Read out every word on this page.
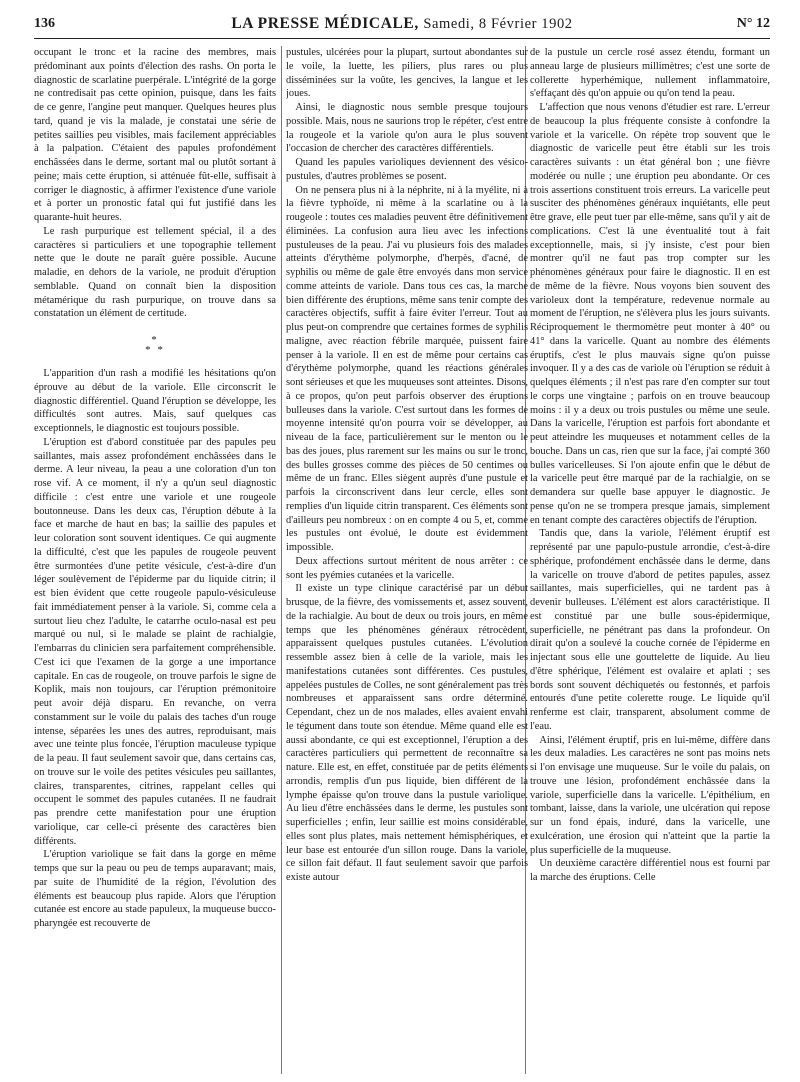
136	LA PRESSE MÉDICALE, Samedi, 8 Février 1902	N° 12

occupant le tronc et la racine des membres, mais prédominant aux points d'élection des rashs. On porta le diagnostic de scarlatine puerpérale. L'intégrité de la gorge ne contredisait pas cette opinion, puisque, dans les faits de ce genre, l'angine peut manquer. Quelques heures plus tard, quand je vis la malade, je constatai une série de petites saillies peu visibles, mais facilement appréciables à la palpation. C'étaient des papules profondément enchâssées dans le derme, sortant mal ou plutôt sortant à peine; mais cette éruption, si atténuée fût-elle, suffisait à corriger le diagnostic, à affirmer l'existence d'une variole et à porter un pronostic fatal qui fut justifié dans les quarante-huit heures.

Le rash purpurique est tellement spécial, il a des caractères si particuliers et une topographie tellement nette que le doute ne paraît guère possible. Aucune maladie, en dehors de la variole, ne produit d'éruption semblable. Quand on connaît bien la disposition métamérique du rash purpurique, on trouve dans sa constatation un élément de certitude.

*
* *

L'apparition d'un rash a modifié les hésitations qu'on éprouve au début de la variole. Elle circonscrit le diagnostic différentiel. Quand l'éruption se développe, les difficultés sont autres. Mais, sauf quelques cas exceptionnels, le diagnostic est toujours possible.

L'éruption est d'abord constituée par des papules peu saillantes, mais assez profondément enchâssées dans le derme. A leur niveau, la peau a une coloration d'un ton rose vif. A ce moment, il n'y a qu'un seul diagnostic difficile : c'est entre une variole et une rougeole boutonneuse. Dans les deux cas, l'éruption débute à la face et marche de haut en bas; la saillie des papules et leur coloration sont souvent identiques. Ce qui augmente la difficulté, c'est que les papules de rougeole peuvent être surmontées d'une petite vésicule, c'est-à-dire d'un léger soulèvement de l'épiderme par du liquide citrin; il est bien évident que cette rougeole papulo-vésiculeuse fait immédiatement penser à la variole. Si, comme cela a surtout lieu chez l'adulte, le catarrhe oculo-nasal est peu marqué ou nul, si le malade se plaint de rachialgie, l'embarras du clinicien sera parfaitement compréhensible. C'est ici que l'examen de la gorge a une importance capitale. En cas de rougeole, on trouve parfois le signe de Koplik, mais non toujours, car l'éruption prémonitoire peut avoir déjà disparu. En revanche, on verra constamment sur le voile du palais des taches d'un rouge intense, séparées les unes des autres, reproduisant, mais avec une teinte plus foncée, l'éruption maculeuse typique de la peau. Il faut seulement savoir que, dans certains cas, on trouve sur le voile des petites vésicules peu saillantes, claires, transparentes, citrines, rappelant celles qui occupent le sommet des papules cutanées. Il ne faudrait pas prendre cette manifestation pour une éruption variolique, car celle-ci présente des caractères bien différents.

L'éruption variolique se fait dans la gorge en même temps que sur la peau ou peu de temps auparavant; mais, par suite de l'humidité de la région, l'évolution des éléments est beaucoup plus rapide. Alors que l'éruption cutanée est encore au stade papuleux, la muqueuse bucco-pharyngée est recouverte de

pustules, ulcérées pour la plupart, surtout abondantes sur le voile, la luette, les piliers, plus rares ou plus disséminées sur la voûte, les gencives, la langue et les joues.

Ainsi, le diagnostic nous semble presque toujours possible. Mais, nous ne saurions trop le répéter, c'est entre la rougeole et la variole qu'on aura le plus souvent l'occasion de chercher des caractères différentiels.

Quand les papules varioliques deviennent des vésico-pustules, d'autres problèmes se posent.

On ne pensera plus ni à la néphrite, ni à la myélite, ni à la fièvre typhoïde, ni même à la scarlatine ou à la rougeole : toutes ces maladies peuvent être définitivement éliminées. La confusion aura lieu avec les infections pustuleuses de la peau. J'ai vu plusieurs fois des malades atteints d'érythème polymorphe, d'herpès, d'acné, de syphilis ou même de gale être envoyés dans mon service comme atteints de variole. Dans tous ces cas, la marche bien différente des éruptions, même sans tenir compte des caractères objectifs, suffit à faire éviter l'erreur. Tout au plus peut-on comprendre que certaines formes de syphilis maligne, avec réaction fébrile marquée, puissent faire penser à la variole. Il en est de même pour certains cas d'érythème polymorphe, quand les réactions générales sont sérieuses et que les muqueuses sont atteintes. Disons, à ce propos, qu'on peut parfois observer des éruptions bulleuses dans la variole. C'est surtout dans les formes de moyenne intensité qu'on pourra voir se développer, au niveau de la face, particulièrement sur le menton ou le bas des joues, plus rarement sur les mains ou sur le tronc, des bulles grosses comme des pièces de 50 centimes ou même de un franc. Elles siègent auprès d'une pustule et parfois la circonscrivent dans leur cercle, elles sont remplies d'un liquide citrin transparent. Ces éléments sont d'ailleurs peu nombreux : on en compte 4 ou 5, et, comme les pustules ont évolué, le doute est évidemment impossible.

Deux affections surtout méritent de nous arrêter : ce sont les pyémies cutanées et la varicelle.

Il existe un type clinique caractérisé par un début brusque, de la fièvre, des vomissements et, assez souvent, de la rachialgie. Au bout de deux ou trois jours, en même temps que les phénomènes généraux rétrocèdent, apparaissent quelques pustules cutanées. L'évolution ressemble assez bien à celle de la variole, mais les manifestations cutanées sont différentes. Ces pustules, appelées pustules de Colles, ne sont généralement pas très nombreuses et apparaissent sans ordre déterminé. Cependant, chez un de nos malades, elles avaient envahi le tégument dans toute son étendue. Même quand elle est aussi abondante, ce qui est exceptionnel, l'éruption a des caractères particuliers qui permettent de reconnaître sa nature. Elle est, en effet, constituée par de petits éléments arrondis, remplis d'un pus liquide, bien différent de la lymphe épaisse qu'on trouve dans la pustule variolique. Au lieu d'être enchâssées dans le derme, les pustules sont superficielles ; enfin, leur saillie est moins considérable, elles sont plus plates, mais nettement hémisphériques, et leur base est entourée d'un sillon rouge. Dans la variole, ce sillon fait défaut. Il faut seulement savoir que parfois existe autour

de la pustule un cercle rosé assez étendu, formant un anneau large de plusieurs millimètres; c'est une sorte de collerette hyperhémique, nullement inflammatoire, s'effaçant dès qu'on appuie ou qu'on tend la peau.

L'affection que nous venons d'étudier est rare. L'erreur de beaucoup la plus fréquente consiste à confondre la variole et la varicelle. On répète trop souvent que le diagnostic de varicelle peut être établi sur les trois caractères suivants : un état général bon ; une fièvre modérée ou nulle ; une éruption peu abondante. Or ces trois assertions constituent trois erreurs. La varicelle peut susciter des phénomènes généraux inquiétants, elle peut être grave, elle peut tuer par elle-même, sans qu'il y ait de complications. C'est là une éventualité tout à fait exceptionnelle, mais, si j'y insiste, c'est pour bien montrer qu'il ne faut pas trop compter sur les phénomènes généraux pour faire le diagnostic. Il en est de même de la fièvre. Nous voyons bien souvent des varioleux dont la température, redevenue normale au moment de l'éruption, ne s'élèvera plus les jours suivants. Réciproquement le thermomètre peut monter à 40° ou 41° dans la varicelle. Quant au nombre des éléments éruptifs, c'est le plus mauvais signe qu'on puisse invoquer. Il y a des cas de variole où l'éruption se réduit à quelques éléments ; il n'est pas rare d'en compter sur tout le corps une vingtaine ; parfois on en trouve beaucoup moins : il y a deux ou trois pustules ou même une seule. Dans la varicelle, l'éruption est parfois fort abondante et peut atteindre les muqueuses et notamment celles de la bouche. Dans un cas, rien que sur la face, j'ai compté 360 bulles varicelleuses. Si l'on ajoute enfin que le début de la varicelle peut être marqué par de la rachialgie, on se demandera sur quelle base appuyer le diagnostic. Je pense qu'on ne se trompera presque jamais, simplement en tenant compte des caractères objectifs de l'éruption.

Tandis que, dans la variole, l'élément éruptif est représenté par une papulo-pustule arrondie, c'est-à-dire sphérique, profondément enchâssée dans le derme, dans la varicelle on trouve d'abord de petites papules, assez saillantes, mais superficielles, qui ne tardent pas à devenir bulleuses. L'élément est alors caractéristique. Il est constitué par une bulle sous-épidermique, superficielle, ne pénétrant pas dans la profondeur. On dirait qu'on a soulevé la couche cornée de l'épiderme en injectant sous elle une gouttelette de liquide. Au lieu d'être sphérique, l'élément est ovalaire et aplati ; ses bords sont souvent déchiquetés ou festonnés, et parfois entourés d'une petite colerette rouge. Le liquide qu'il renferme est clair, transparent, absolument comme de l'eau.

Ainsi, l'élément éruptif, pris en lui-même, diffère dans les deux maladies. Les caractères ne sont pas moins nets si l'on envisage une muqueuse. Sur le voile du palais, on trouve une lésion, profondément enchâssée dans la variole, superficielle dans la varicelle. L'épithélium, en tombant, laisse, dans la variole, une ulcération qui repose sur un fond épais, induré, dans la varicelle, une exulcération, une érosion qui n'atteint que la partie la plus superficielle de la muqueuse.

Un deuxième caractère différentiel nous est fourni par la marche des éruptions. Celle
